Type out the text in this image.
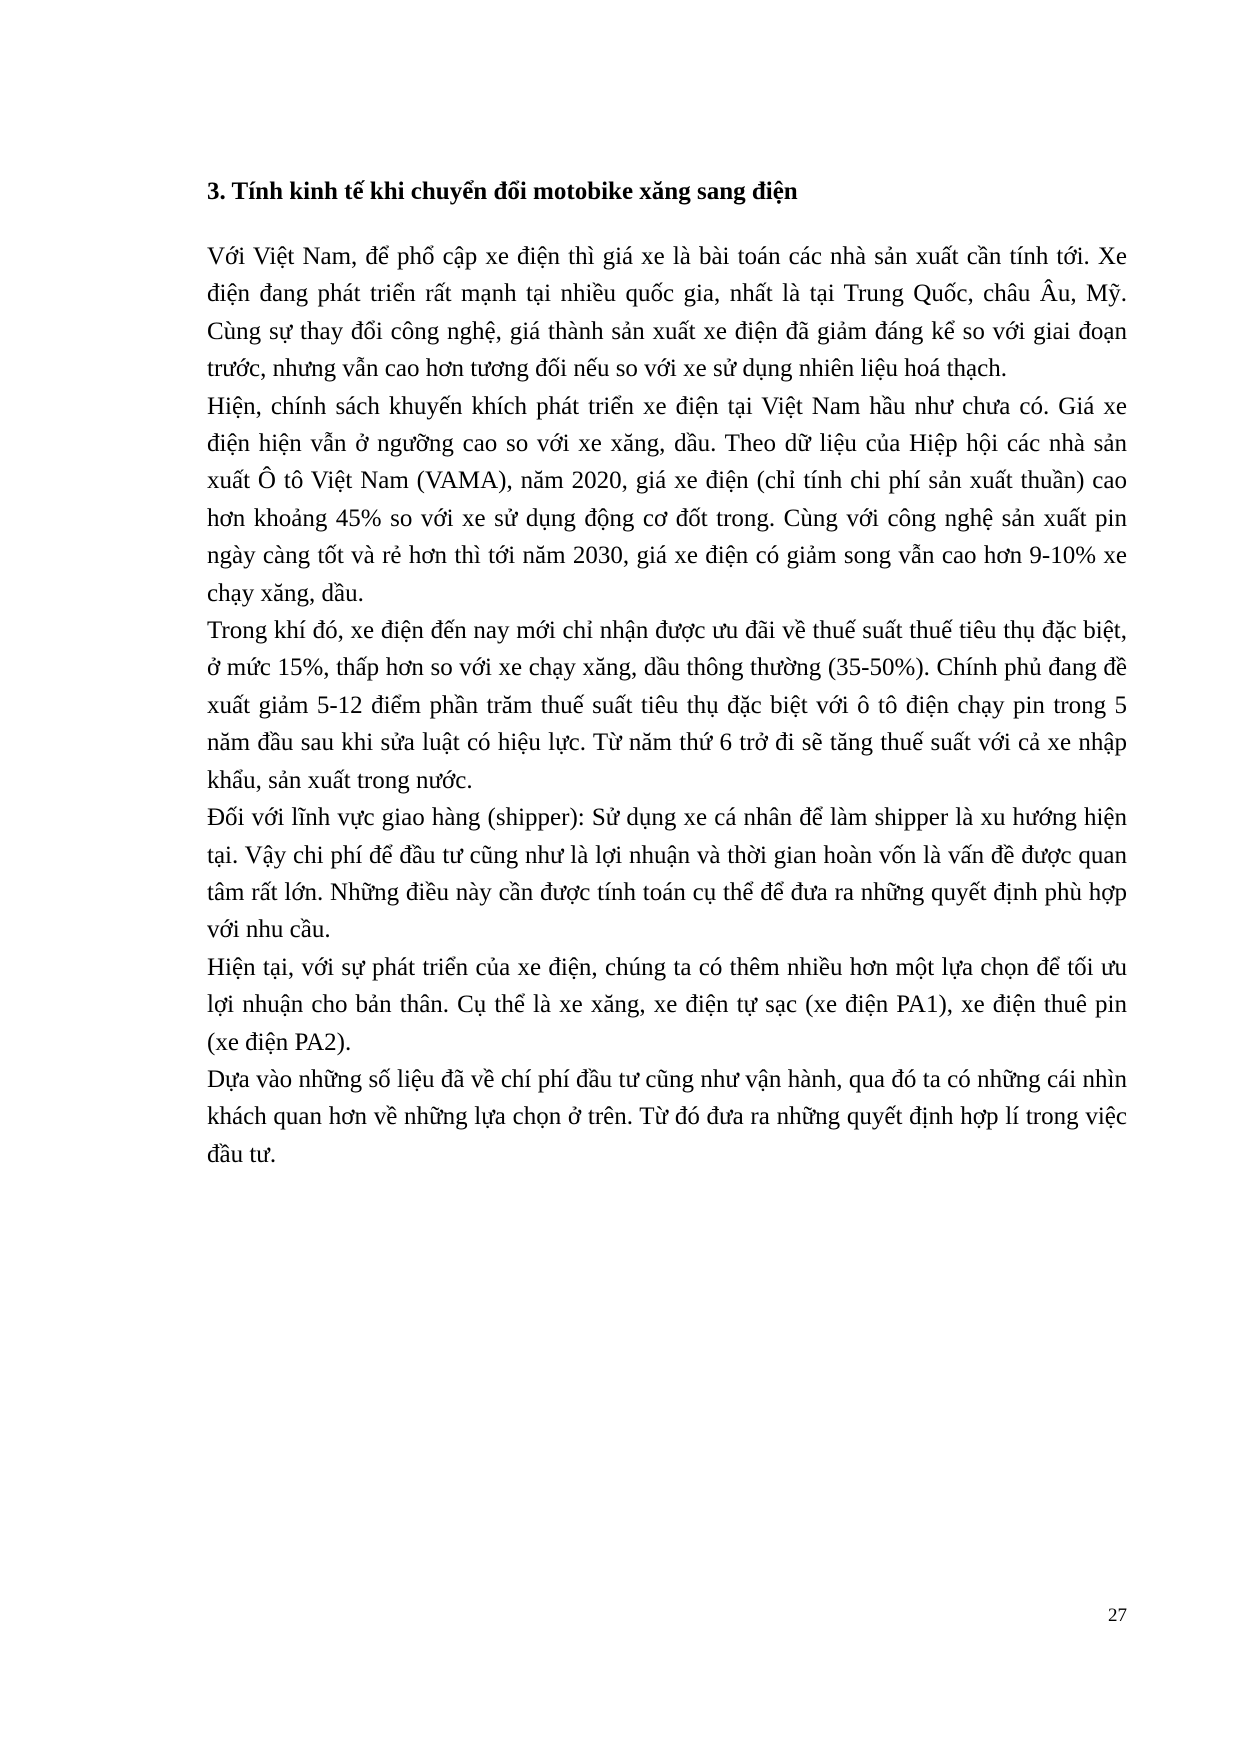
3. Tính kinh tế khi chuyển đổi motobike xăng sang điện

Với Việt Nam, để phổ cập xe điện thì giá xe là bài toán các nhà sản xuất cần tính tới. Xe điện đang phát triển rất mạnh tại nhiều quốc gia, nhất là tại Trung Quốc, châu Âu, Mỹ. Cùng sự thay đổi công nghệ, giá thành sản xuất xe điện đã giảm đáng kể so với giai đoạn trước, nhưng vẫn cao hơn tương đối nếu so với xe sử dụng nhiên liệu hoá thạch.

Hiện, chính sách khuyến khích phát triển xe điện tại Việt Nam hầu như chưa có. Giá xe điện hiện vẫn ở ngưỡng cao so với xe xăng, dầu. Theo dữ liệu của Hiệp hội các nhà sản xuất Ô tô Việt Nam (VAMA), năm 2020, giá xe điện (chỉ tính chi phí sản xuất thuần) cao hơn khoảng 45% so với xe sử dụng động cơ đốt trong. Cùng với công nghệ sản xuất pin ngày càng tốt và rẻ hơn thì tới năm 2030, giá xe điện có giảm song vẫn cao hơn 9-10% xe chạy xăng, dầu.

Trong khí đó, xe điện đến nay mới chỉ nhận được ưu đãi về thuế suất thuế tiêu thụ đặc biệt, ở mức 15%, thấp hơn so với xe chạy xăng, dầu thông thường (35-50%). Chính phủ đang đề xuất giảm 5-12 điểm phần trăm thuế suất tiêu thụ đặc biệt với ô tô điện chạy pin trong 5 năm đầu sau khi sửa luật có hiệu lực. Từ năm thứ 6 trở đi sẽ tăng thuế suất với cả xe nhập khẩu, sản xuất trong nước.

Đối với lĩnh vực giao hàng (shipper): Sử dụng xe cá nhân để làm shipper là xu hướng hiện tại. Vậy chi phí để đầu tư cũng như là lợi nhuận và thời gian hoàn vốn là vấn đề được quan tâm rất lớn. Những điều này cần được tính toán cụ thể để đưa ra những quyết định phù hợp với nhu cầu.

Hiện tại, với sự phát triển của xe điện, chúng ta có thêm nhiều hơn một lựa chọn để tối ưu lợi nhuận cho bản thân. Cụ thể là xe xăng, xe điện tự sạc (xe điện PA1), xe điện thuê pin (xe điện PA2).

Dựa vào những số liệu đã về chí phí đầu tư cũng như vận hành, qua đó ta có những cái nhìn khách quan hơn về những lựa chọn ở trên. Từ đó đưa ra những quyết định hợp lí trong việc đầu tư.

27
